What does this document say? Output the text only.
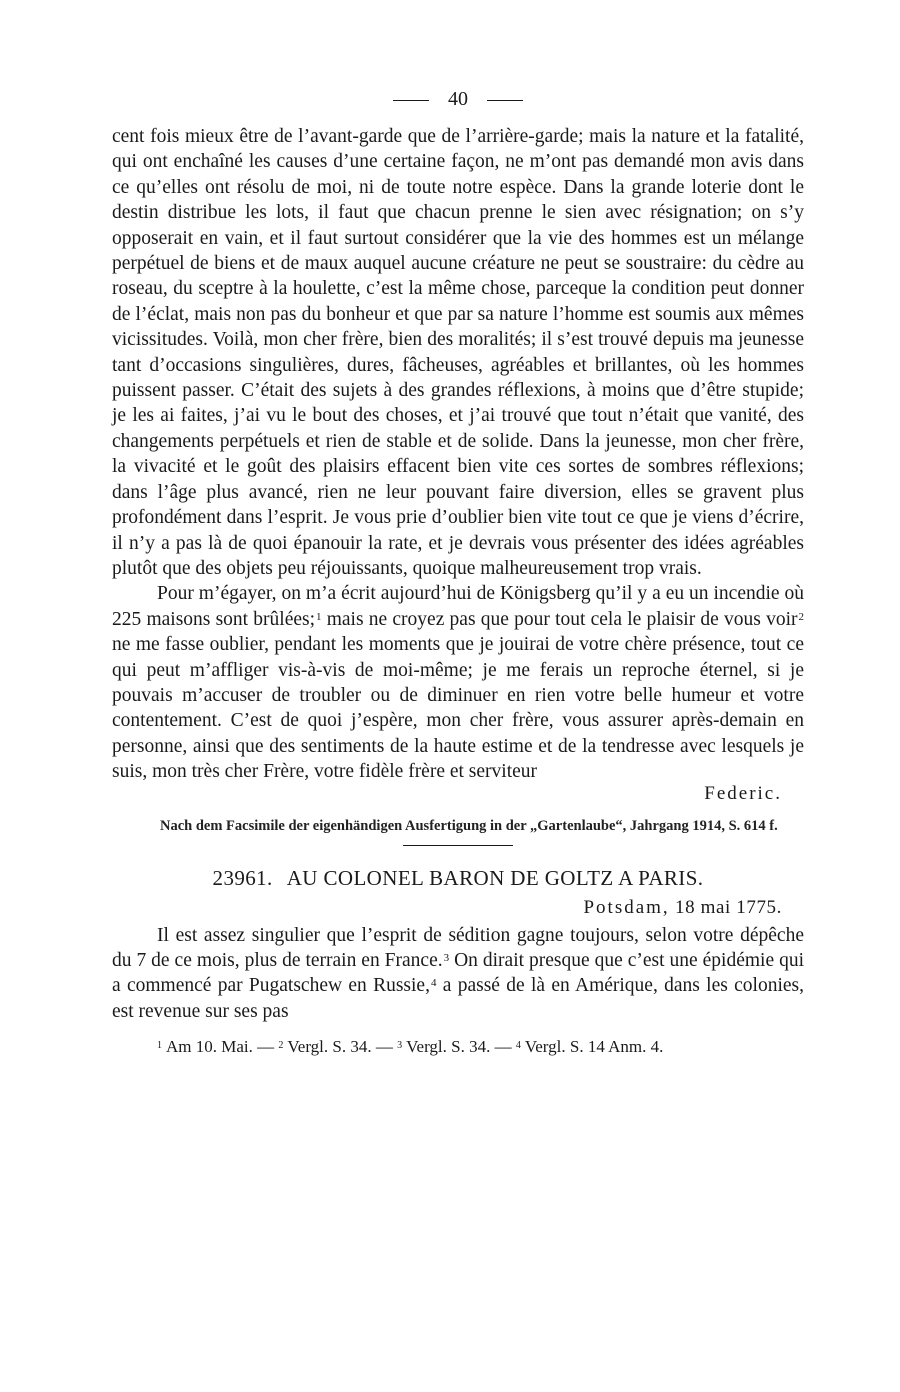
40

cent fois mieux être de l’avant-garde que de l’arrière-garde; mais la nature et la fatalité, qui ont enchaîné les causes d’une certaine façon, ne m’ont pas demandé mon avis dans ce qu’elles ont résolu de moi, ni de toute notre espèce. Dans la grande loterie dont le destin distribue les lots, il faut que chacun prenne le sien avec résignation; on s’y opposerait en vain, et il faut surtout considérer que la vie des hommes est un mélange perpétuel de biens et de maux auquel aucune créature ne peut se soustraire: du cèdre au roseau, du sceptre à la houlette, c’est la même chose, parceque la condition peut donner de l’éclat, mais non pas du bonheur et que par sa nature l’homme est soumis aux mêmes vicissitudes. Voilà, mon cher frère, bien des moralités; il s’est trouvé depuis ma jeunesse tant d’occasions singulières, dures, fâcheuses, agréables et brillantes, où les hommes puissent passer. C’était des sujets à des grandes réflexions, à moins que d’être stupide; je les ai faites, j’ai vu le bout des choses, et j’ai trouvé que tout n’était que vanité, des changements perpétuels et rien de stable et de solide. Dans la jeunesse, mon cher frère, la vivacité et le goût des plaisirs effacent bien vite ces sortes de sombres réflexions; dans l’âge plus avancé, rien ne leur pouvant faire diversion, elles se gravent plus profondément dans l’esprit. Je vous prie d’oublier bien vite tout ce que je viens d’écrire, il n’y a pas là de quoi épanouir la rate, et je devrais vous présenter des idées agréables plutôt que des objets peu réjouissants, quoique malheureusement trop vrais.

Pour m’égayer, on m’a écrit aujourd’hui de Königsberg qu’il y a eu un incendie où 225 maisons sont brûlées;$^1$ mais ne croyez pas que pour tout cela le plaisir de vous voir$^2$ ne me fasse oublier, pendant les moments que je jouirai de votre chère présence, tout ce qui peut m’affliger vis-à-vis de moi-même; je me ferais un reproche éternel, si je pouvais m’accuser de troubler ou de diminuer en rien votre belle humeur et votre contentement. C’est de quoi j’espère, mon cher frère, vous assurer après-demain en personne, ainsi que des sentiments de la haute estime et de la tendresse avec lesquels je suis, mon très cher Frère, votre fidèle frère et serviteur

Federic.

Nach dem Facsimile der eigenhändigen Ausfertigung in der „Gartenlaube“, Jahrgang 1914, S. 614 f.

23961. AU COLONEL BARON DE GOLTZ A PARIS.
Potsdam, 18 mai 1775.

Il est assez singulier que l’esprit de sédition gagne toujours, selon votre dépêche du 7 de ce mois, plus de terrain en France.$^3$ On dirait presque que c’est une épidémie qui a commencé par Pugatschew en Russie,$^4$ a passé de là en Amérique, dans les colonies, est revenue sur ses pas

$^1$ Am 10. Mai. — $^2$ Vergl. S. 34. — $^3$ Vergl. S. 34. — $^4$ Vergl. S. 14 Anm. 4.
